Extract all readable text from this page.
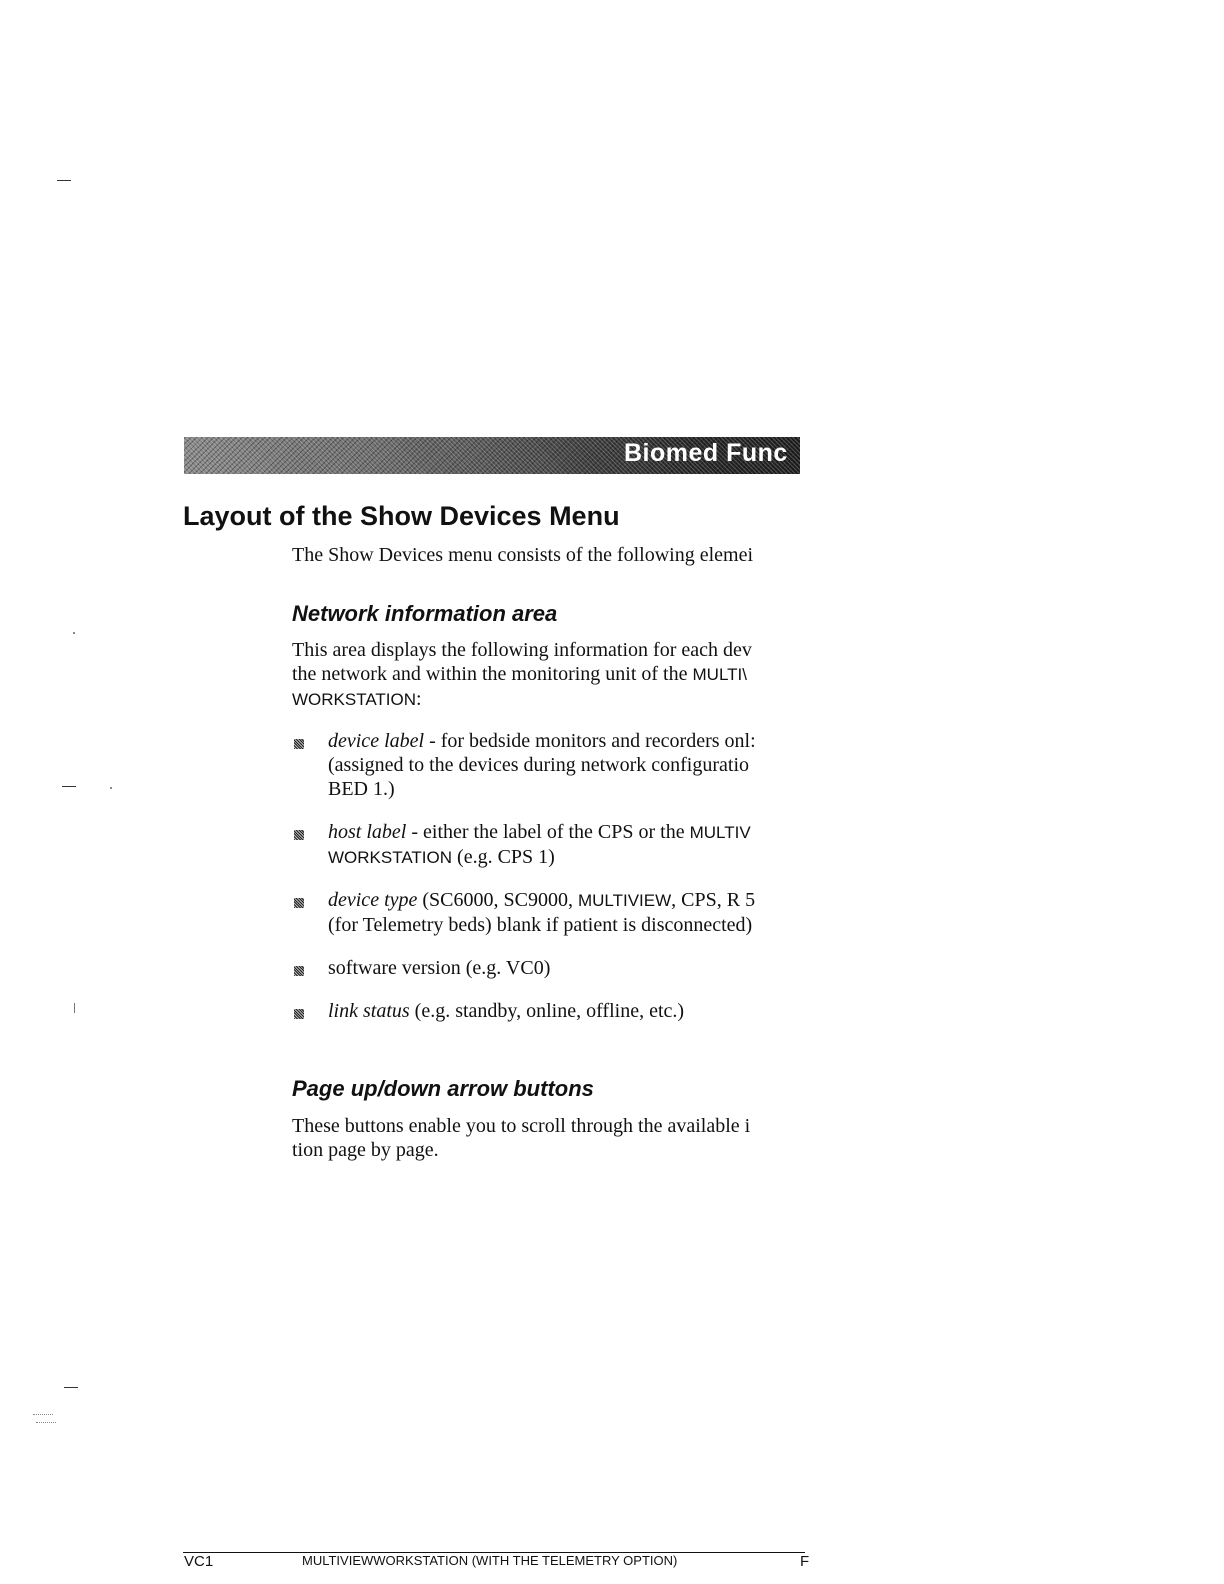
Biomed Func
Layout of the Show Devices Menu
The Show Devices menu consists of the following elemei
Network information area
This area displays the following information for each dev
the network and within the monitoring unit of the MULTI\
WORKSTATION:
device label - for bedside monitors and recorders onl:
(assigned to the devices during network configuratio
BED 1.)
host label - either the label of the CPS or the MULTIV
WORKSTATION (e.g. CPS 1)
device type (SC6000, SC9000, MULTIVIEW, CPS, R 5
(for Telemetry beds) blank if patient is disconnected)
software version (e.g. VC0)
link status (e.g. standby, online, offline, etc.)
Page up/down arrow buttons
These buttons enable you to scroll through the available i
tion page by page.
VC1	MULTIVIEWWORKSTATION (WITH THE TELEMETRY OPTION)	F
